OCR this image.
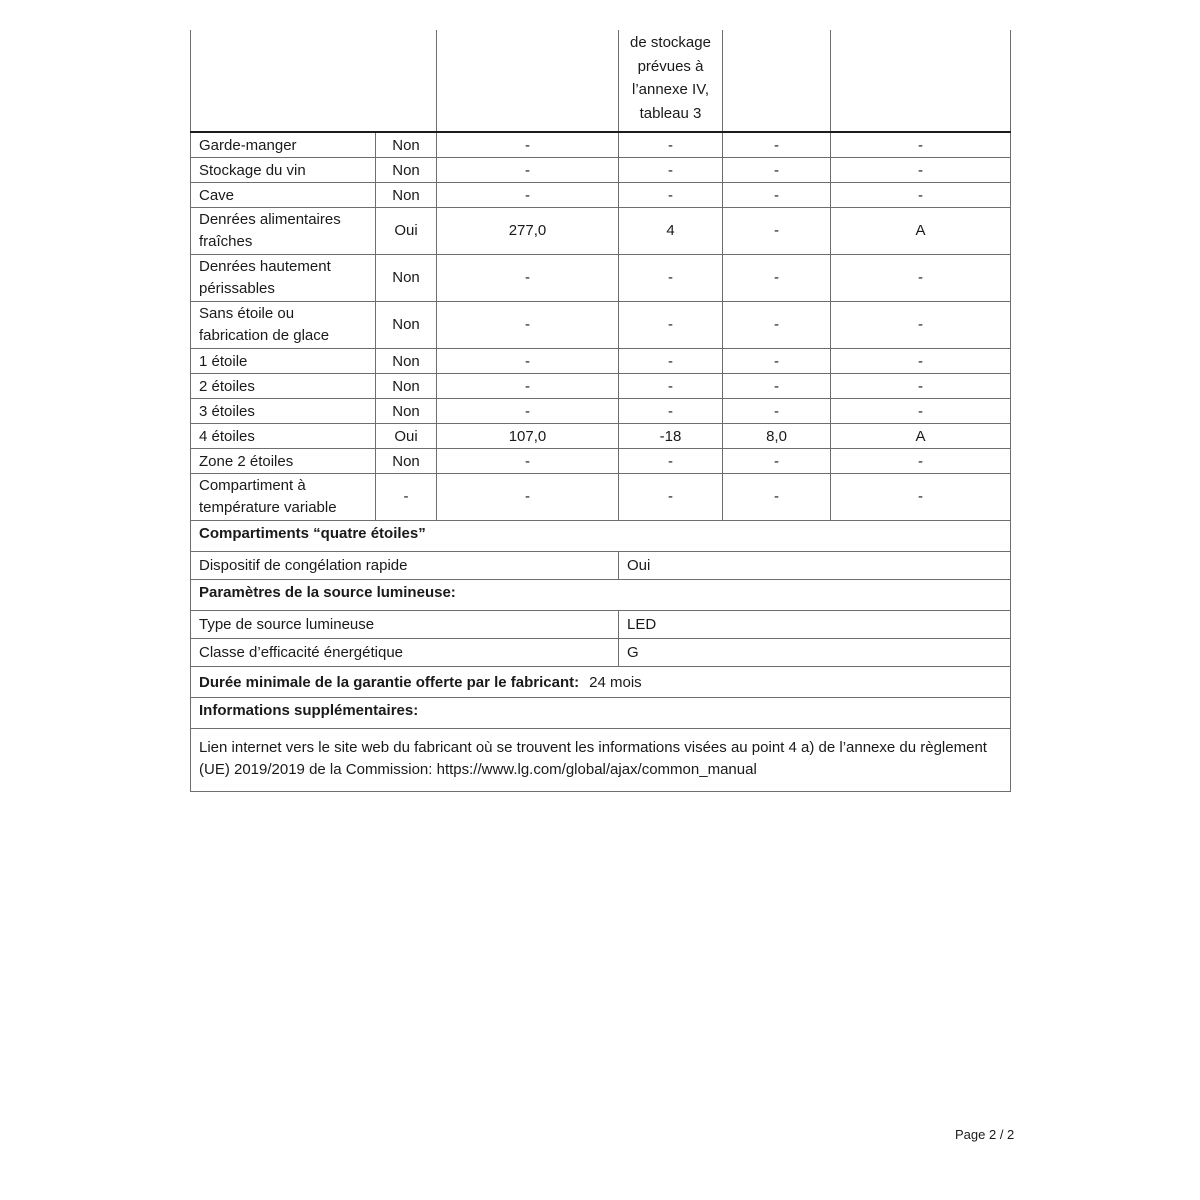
			de stockage
prévues à
l’annexe IV,
tableau 3		
Garde-manger	Non	-	-	-	-
Stockage du vin	Non	-	-	-	-
Cave	Non	-	-	-	-
Denrées alimentaires fraîches	Oui	277,0	4	-	A
Denrées hautement périssables	Non	-	-	-	-
Sans étoile ou fabrication de glace	Non	-	-	-	-
1 étoile	Non	-	-	-	-
2 étoiles	Non	-	-	-	-
3 étoiles	Non	-	-	-	-
4 étoiles	Oui	107,0	-18	8,0	A
Zone 2 étoiles	Non	-	-	-	-
Compartiment à température variable	-	-	-	-	-
Compartiments “quatre étoiles”					
Dispositif de congélation rapide			Oui		
Paramètres de la source lumineuse:					
Type de source lumineuse			LED		
Classe d’efficacité énergétique			G		
Durée minimale de la garantie offerte par le fabricant: 24 mois					
Informations supplémentaires:					
Lien internet vers le site web du fabricant où se trouvent les informations visées au point 4 a) de l’annexe du règlement (UE) 2019/2019 de la Commission: https://www.lg.com/global/ajax/common_manual					
Page 2 / 2
